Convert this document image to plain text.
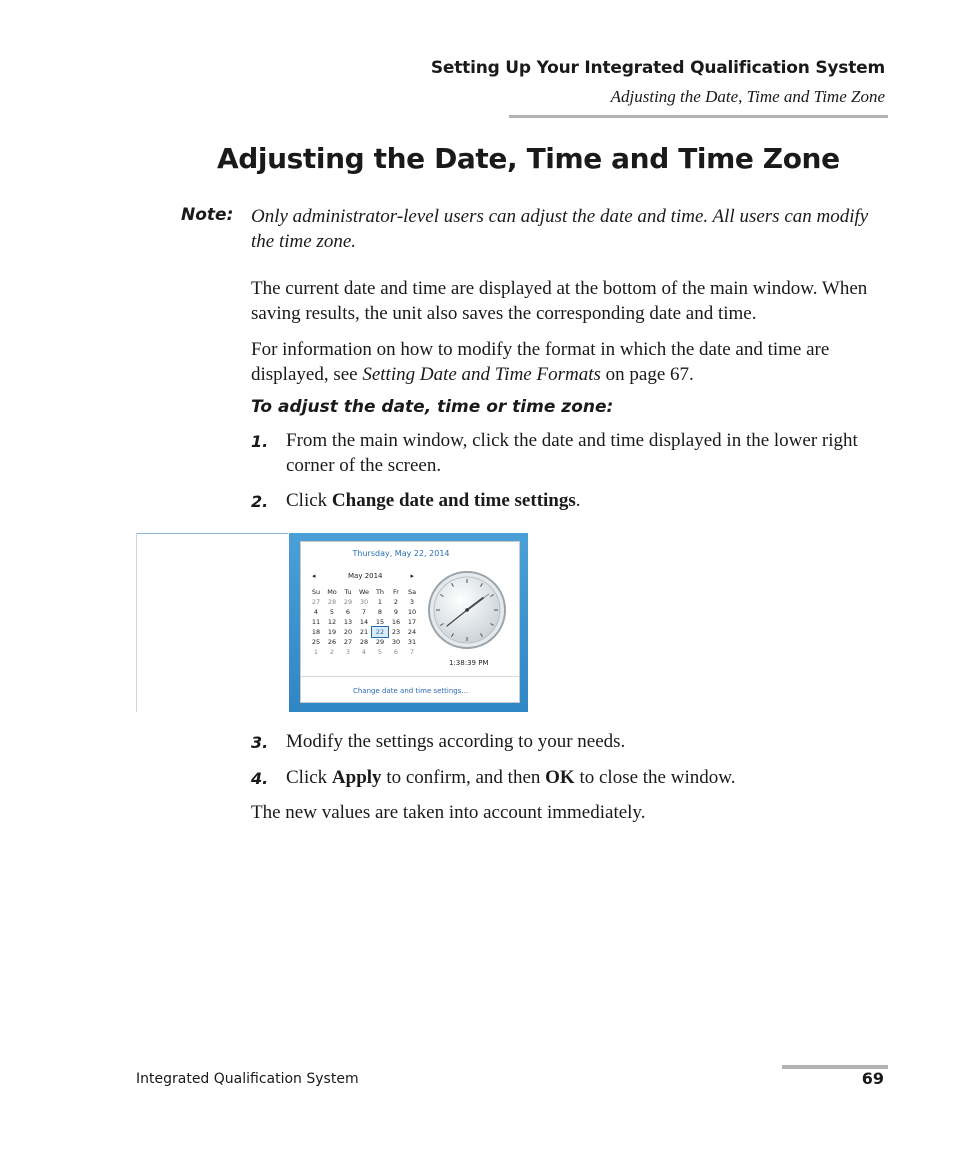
Setting Up Your Integrated Qualification System
Adjusting the Date, Time and Time Zone
Adjusting the Date, Time and Time Zone
Note: Only administrator-level users can adjust the date and time. All users can modify the time zone.
The current date and time are displayed at the bottom of the main window. When saving results, the unit also saves the corresponding date and time.
For information on how to modify the format in which the date and time are displayed, see Setting Date and Time Formats on page 67.
To adjust the date, time or time zone:
1. From the main window, click the date and time displayed in the lower right corner of the screen.
2. Click Change date and time settings.
Thursday, May 22, 2014
◂	May 2014	▸
Su	Mo	Tu	We	Th	Fr	Sa
27	28	29	30	1	2	3
4	5	6	7	8	9	10
11	12	13	14	15	16	17
18	19	20	21	22	23	24
25	26	27	28	29	30	31
1	2	3	4	5	6	7
1:38:39 PM
Change date and time settings...
3. Modify the settings according to your needs.
4. Click Apply to confirm, and then OK to close the window.
The new values are taken into account immediately.
Integrated Qualification System	69
